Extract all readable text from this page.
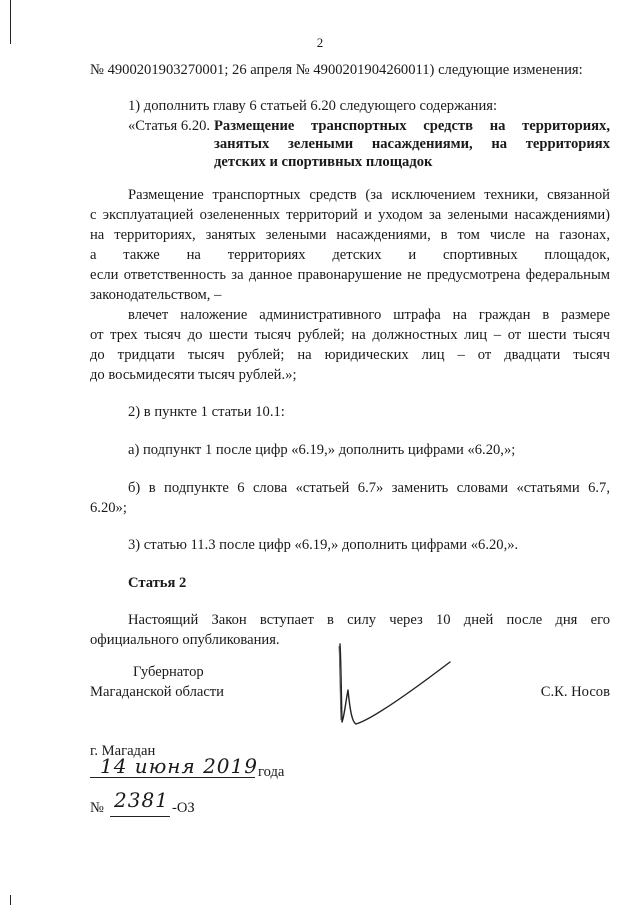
2
№ 4900201903270001; 26 апреля № 4900201904260011) следующие изменения:
1) дополнить главу 6 статьей 6.20 следующего содержания:
«Статья 6.20. Размещение транспортных средств на территориях,
занятых зелеными насаждениями, на территориях
детских и спортивных площадок
Размещение транспортных средств (за исключением техники, связанной
с эксплуатацией озелененных территорий и уходом за зелеными насаждениями)
на территориях, занятых зелеными насаждениями, в том числе на газонах,
а также на территориях детских и спортивных площадок,
если ответственность за данное правонарушение не предусмотрена федеральным
законодательством, –
влечет наложение административного штрафа на граждан в размере
от трех тысяч до шести тысяч рублей; на должностных лиц – от шести тысяч
до тридцати тысяч рублей; на юридических лиц – от двадцати тысяч
до восьмидесяти тысяч рублей.»;
2) в пункте 1 статьи 10.1:
а) подпункт 1 после цифр «6.19,» дополнить цифрами «6.20,»;
б) в подпункте 6 слова «статьей 6.7» заменить словами «статьями 6.7,
6.20»;
3) статью 11.3 после цифр «6.19,» дополнить цифрами «6.20,».
Статья 2
Настоящий Закон вступает в силу через 10 дней после дня его
официального опубликования.
Губернатор
Магаданской области	С.К. Носов
г. Магадан
14 июня 2019 года
№ 2381 -ОЗ
